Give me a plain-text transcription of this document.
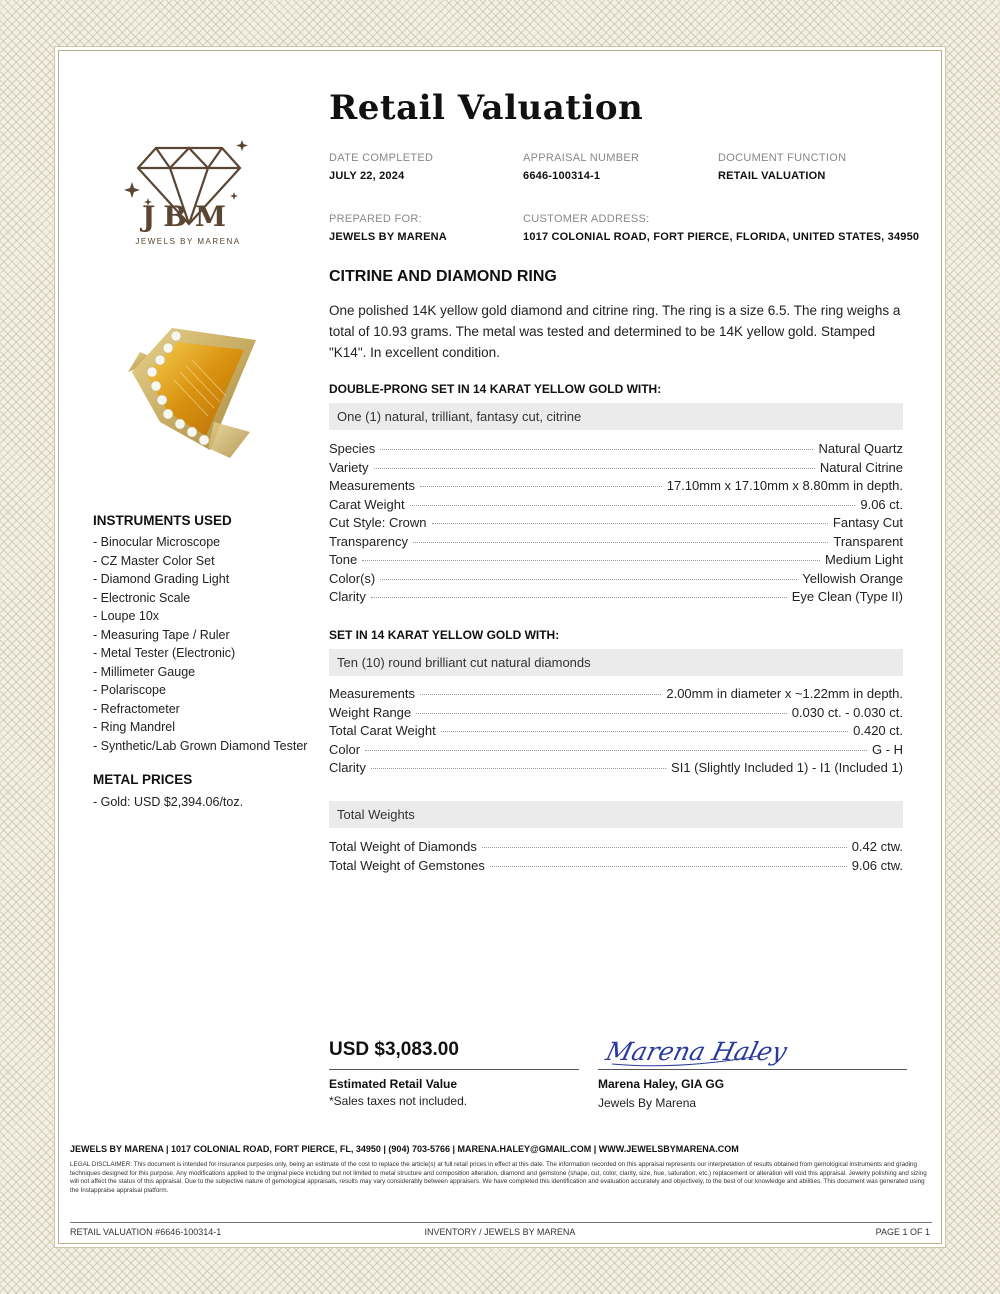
JBM
JEWELS BY MARENA
Retail Valuation
DATE COMPLETED
JULY 22, 2024
APPRAISAL NUMBER
6646-100314-1
DOCUMENT FUNCTION
RETAIL VALUATION
PREPARED FOR:
JEWELS BY MARENA
CUSTOMER ADDRESS:
1017 COLONIAL ROAD, FORT PIERCE, FLORIDA, UNITED STATES, 34950
CITRINE AND DIAMOND RING
One polished 14K yellow gold diamond and citrine ring. The ring is a size 6.5. The ring weighs a total of 10.93 grams. The metal was tested and determined to be 14K yellow gold. Stamped "K14". In excellent condition.
DOUBLE-PRONG SET IN 14 KARAT YELLOW GOLD WITH:
One (1) natural, trilliant, fantasy cut, citrine
Species	Natural Quartz
Variety	Natural Citrine
Measurements	17.10mm x 17.10mm x 8.80mm in depth.
Carat Weight	9.06 ct.
Cut Style: Crown	Fantasy Cut
Transparency	Transparent
Tone	Medium Light
Color(s)	Yellowish Orange
Clarity	Eye Clean (Type II)
SET IN 14 KARAT YELLOW GOLD WITH:
Ten (10) round brilliant cut natural diamonds
Measurements	2.00mm in diameter x ~1.22mm in depth.
Weight Range	0.030 ct. - 0.030 ct.
Total Carat Weight	0.420 ct.
Color	G - H
Clarity	SI1 (Slightly Included 1) - I1 (Included 1)
Total Weights
Total Weight of Diamonds	0.42 ctw.
Total Weight of Gemstones	9.06 ctw.
INSTRUMENTS USED
- Binocular Microscope
- CZ Master Color Set
- Diamond Grading Light
- Electronic Scale
- Loupe 10x
- Measuring Tape / Ruler
- Metal Tester (Electronic)
- Millimeter Gauge
- Polariscope
- Refractometer
- Ring Mandrel
- Synthetic/Lab Grown Diamond Tester
METAL PRICES
- Gold: USD $2,394.06/toz.
USD $3,083.00
Estimated Retail Value
*Sales taxes not included.
Marena Haley
Marena Haley, GIA GG
Jewels By Marena
JEWELS BY MARENA | 1017 COLONIAL ROAD, FORT PIERCE, FL, 34950 | (904) 703-5766 | MARENA.HALEY@GMAIL.COM | WWW.JEWELSBYMARENA.COM
LEGAL DISCLAIMER: This document is intended for insurance purposes only, being an estimate of the cost to replace the article(s) at full retail prices in effect at this date. The information recorded on this appraisal represents our interpretation of results obtained from gemological instruments and grading techniques designed for this purpose. Any modifications applied to the original piece including but not limited to metal structure and composition alteration, diamond and gemstone (shape, cut, color, clarity, size, hue, saturation, etc.) replacement or alteration will void this appraisal. Jewelry polishing and sizing will not affect the status of this appraisal. Due to the subjective nature of gemological appraisals, results may vary considerably between appraisers. We have completed this identification and evaluation accurately and objectively, to the best of our knowledge and abilities. This document was generated using the Instappraise appraisal platform.
RETAIL VALUATION #6646-100314-1	INVENTORY / JEWELS BY MARENA	PAGE 1 OF 1
